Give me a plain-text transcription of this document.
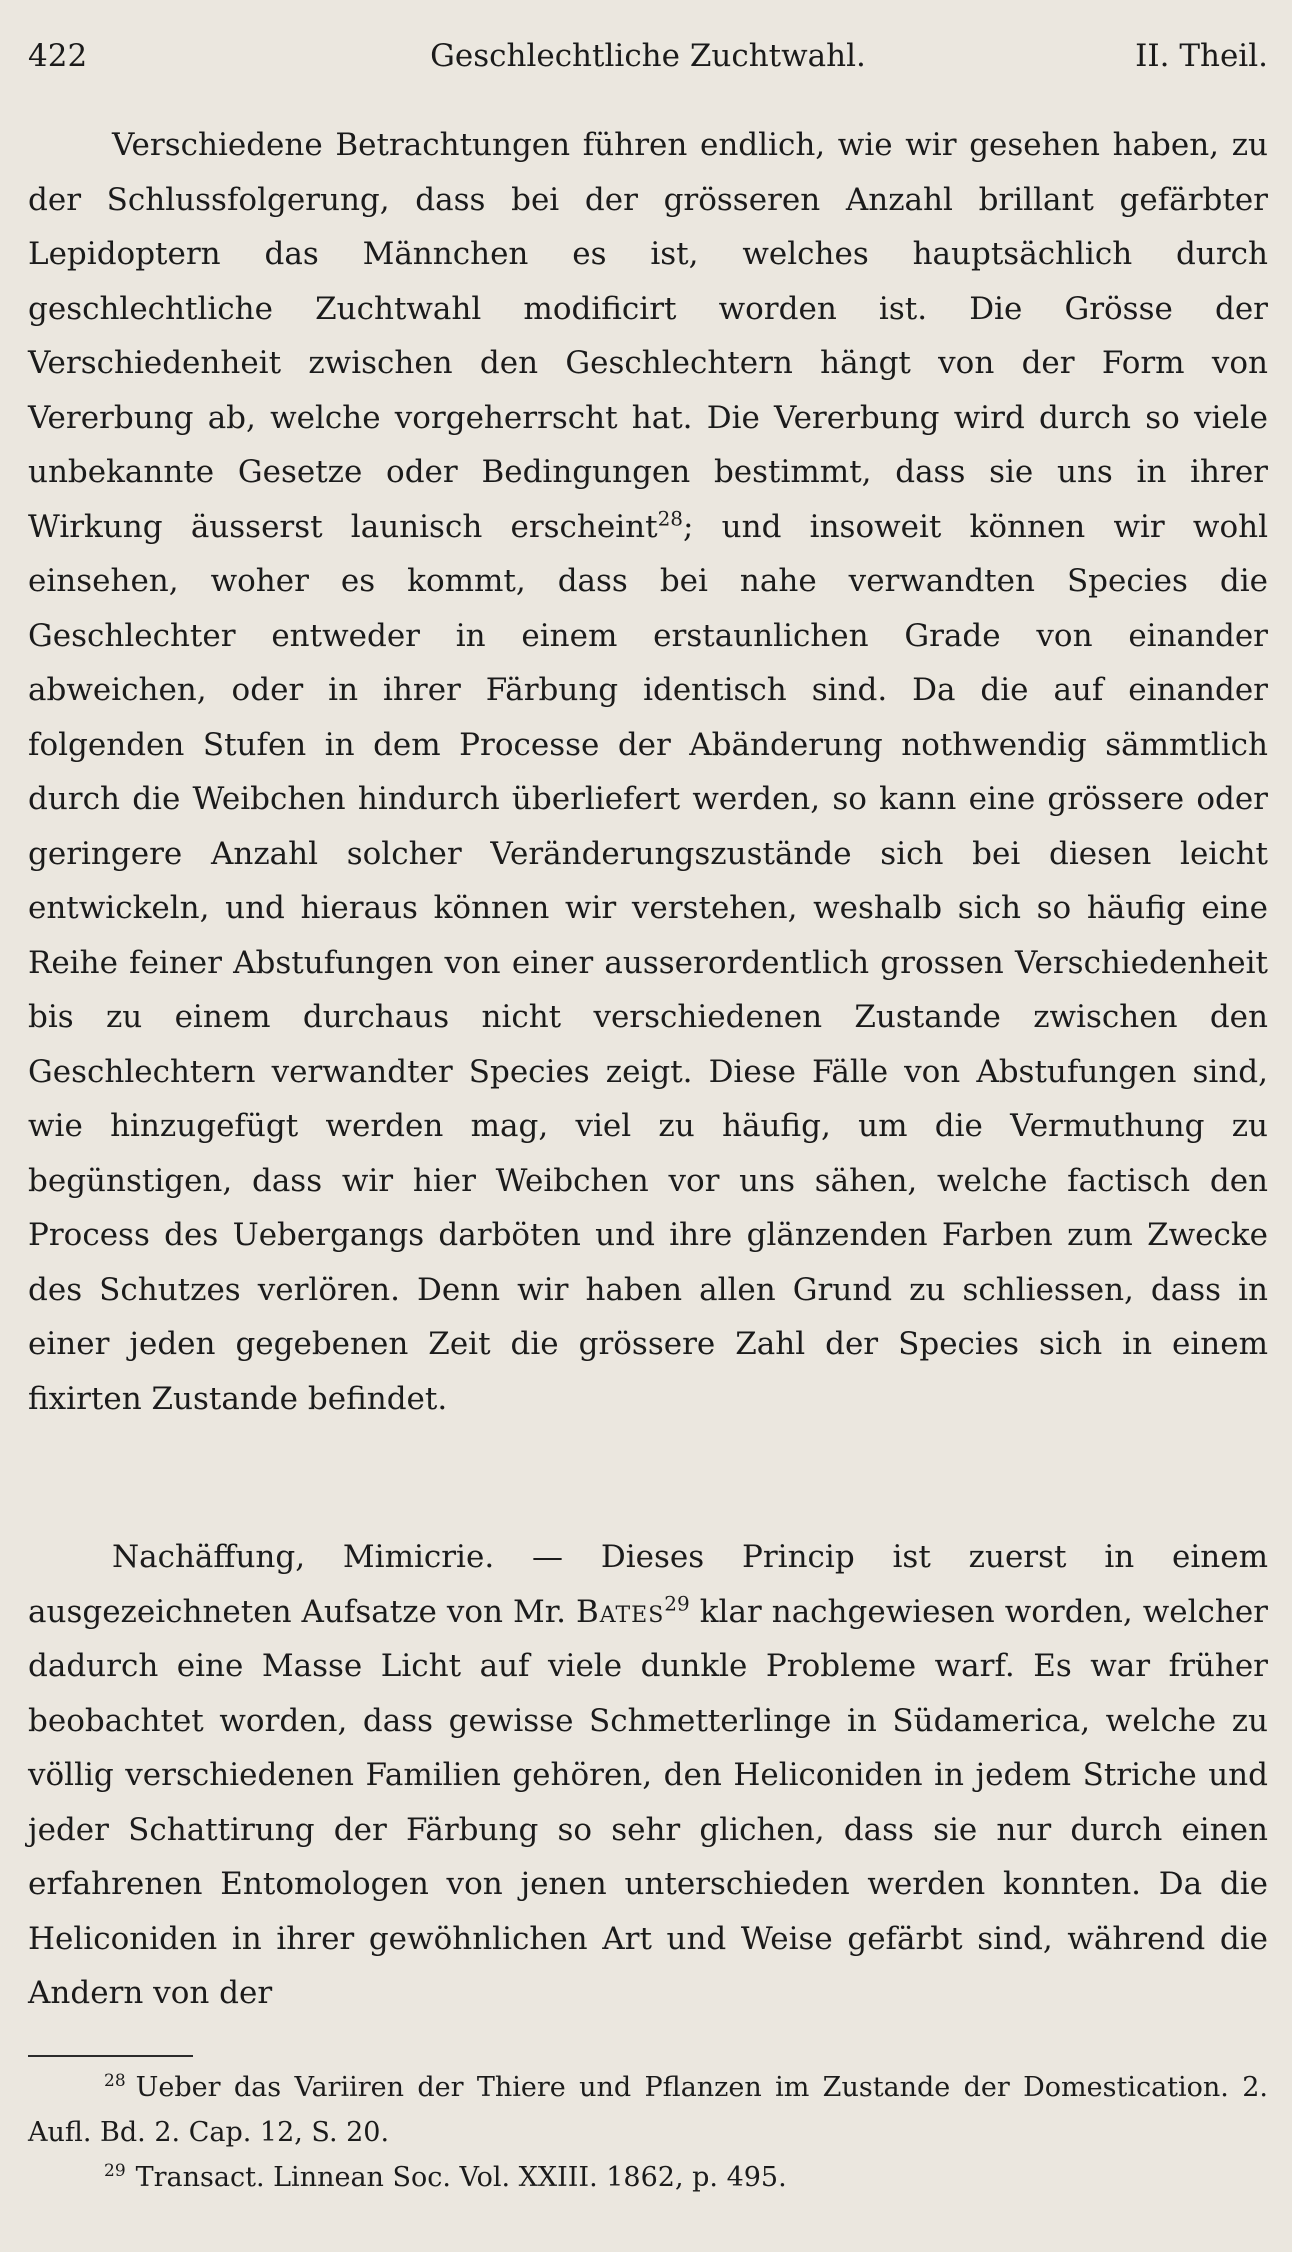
422	Geschlechtliche Zuchtwahl.	II. Theil.

Verschiedene Betrachtungen führen endlich, wie wir gesehen haben, zu der Schlussfolgerung, dass bei der grösseren Anzahl brillant gefärbter Lepidoptern das Männchen es ist, welches hauptsächlich durch geschlechtliche Zuchtwahl modificirt worden ist. Die Grösse der Verschiedenheit zwischen den Geschlechtern hängt von der Form von Vererbung ab, welche vorgeherrscht hat. Die Vererbung wird durch so viele unbekannte Gesetze oder Bedingungen bestimmt, dass sie uns in ihrer Wirkung äusserst launisch erscheint$^{28}$; und insoweit können wir wohl einsehen, woher es kommt, dass bei nahe verwandten Species die Geschlechter entweder in einem erstaunlichen Grade von einander abweichen, oder in ihrer Färbung identisch sind. Da die auf einander folgenden Stufen in dem Processe der Abänderung nothwendig sämmtlich durch die Weibchen hindurch überliefert werden, so kann eine grössere oder geringere Anzahl solcher Veränderungszustände sich bei diesen leicht entwickeln, und hieraus können wir verstehen, weshalb sich so häufig eine Reihe feiner Abstufungen von einer ausserordentlich grossen Verschiedenheit bis zu einem durchaus nicht verschiedenen Zustande zwischen den Geschlechtern verwandter Species zeigt. Diese Fälle von Abstufungen sind, wie hinzugefügt werden mag, viel zu häufig, um die Vermuthung zu begünstigen, dass wir hier Weibchen vor uns sähen, welche factisch den Process des Uebergangs darböten und ihre glänzenden Farben zum Zwecke des Schutzes verlören. Denn wir haben allen Grund zu schliessen, dass in einer jeden gegebenen Zeit die grössere Zahl der Species sich in einem fixirten Zustande befindet.

Nachäffung, Mimicrie. — Dieses Princip ist zuerst in einem ausgezeichneten Aufsatze von Mr. Bates$^{29}$ klar nachgewiesen worden, welcher dadurch eine Masse Licht auf viele dunkle Probleme warf. Es war früher beobachtet worden, dass gewisse Schmetterlinge in Südamerica, welche zu völlig verschiedenen Familien gehören, den Heliconiden in jedem Striche und jeder Schattirung der Färbung so sehr glichen, dass sie nur durch einen erfahrenen Entomologen von jenen unterschieden werden konnten. Da die Heliconiden in ihrer gewöhnlichen Art und Weise gefärbt sind, während die Andern von der

$^{28}$ Ueber das Variiren der Thiere und Pflanzen im Zustande der Domestication. 2. Aufl. Bd. 2. Cap. 12, S. 20.

$^{29}$ Transact. Linnean Soc. Vol. XXIII. 1862, p. 495.
